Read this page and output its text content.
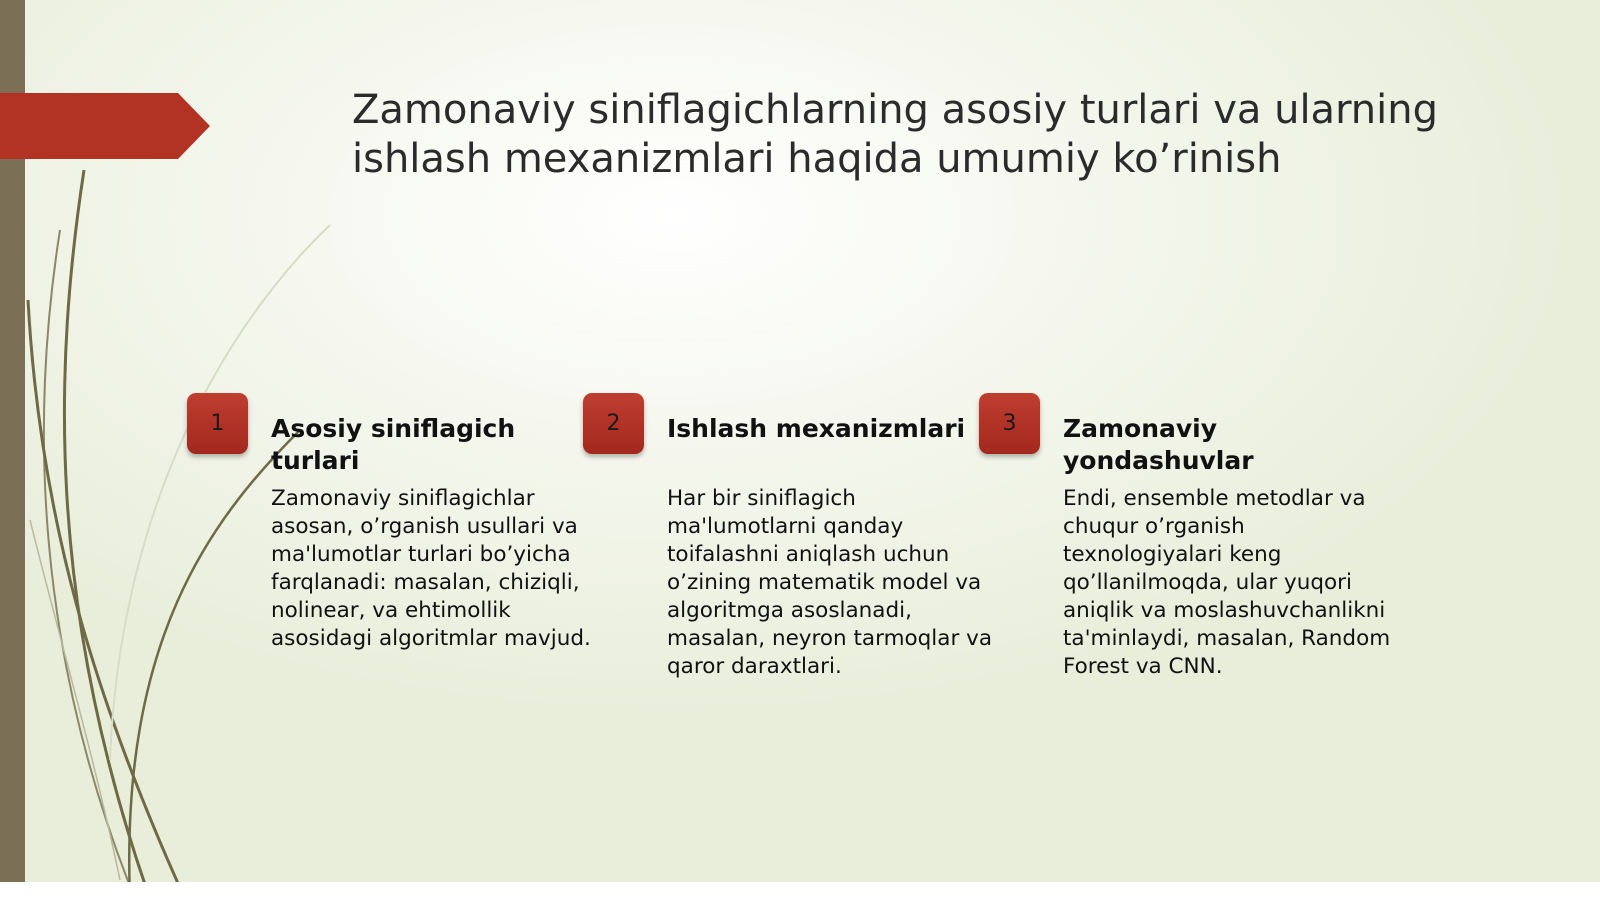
Zamonaviy siniflagichlarning asosiy turlari va ularning ishlash mexanizmlari haqida umumiy ko’rinish
1	Asosiy siniflagich turlari

Zamonaviy siniflagichlar asosan, o’rganish usullari va ma'lumotlar turlari bo’yicha farqlanadi: masalan, chiziqli, nolinear, va ehtimollik asosidagi algoritmlar mavjud.

2	Ishlash mexanizmlari

Har bir siniflagich ma'lumotlarni qanday toifalashni aniqlash uchun o’zining matematik model va algoritmga asoslanadi, masalan, neyron tarmoqlar va qaror daraxtlari.

3	Zamonaviy yondashuvlar

Endi, ensemble metodlar va chuqur o’rganish texnologiyalari keng qo’llanilmoqda, ular yuqori aniqlik va moslashuvchanlikni ta'minlaydi, masalan, Random Forest va CNN.
